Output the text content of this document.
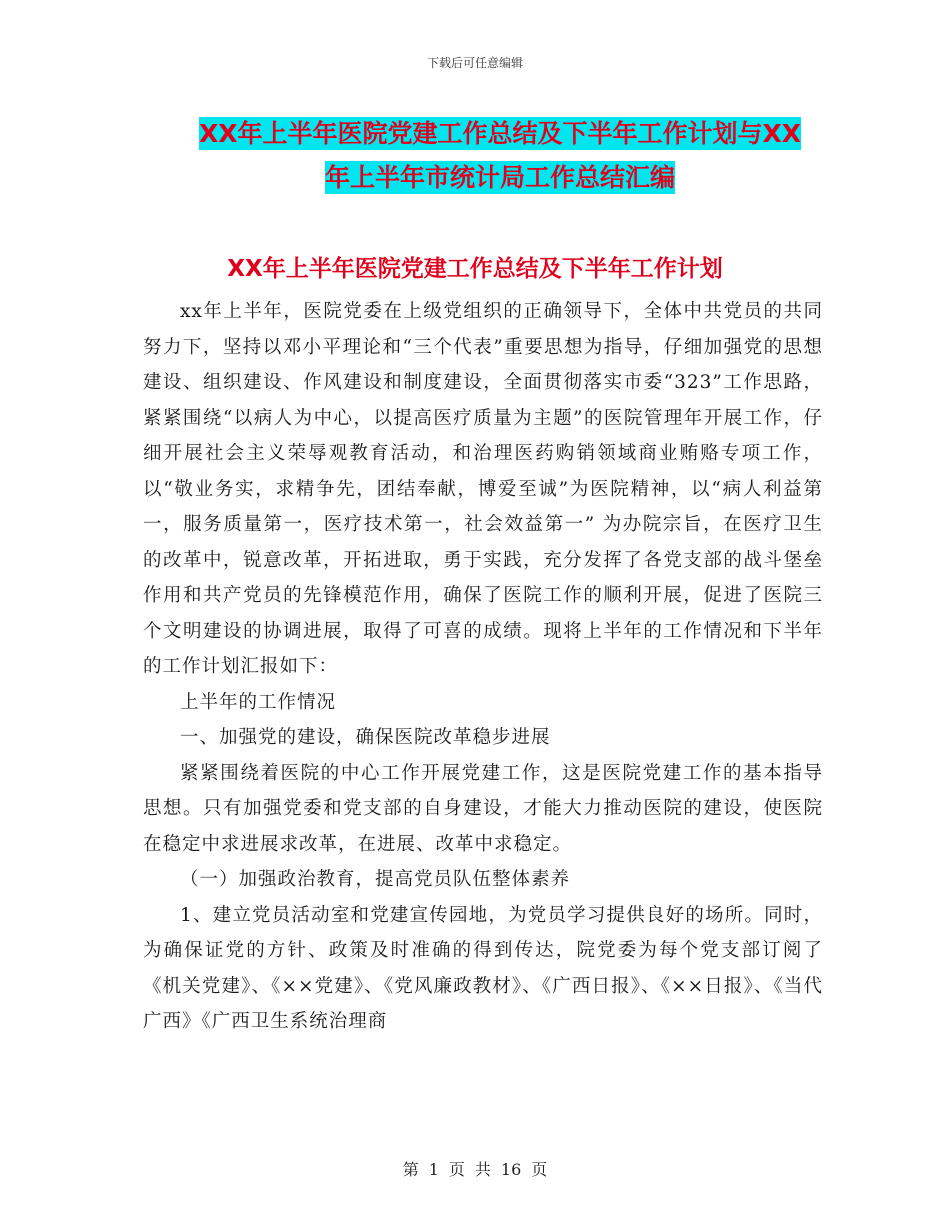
下载后可任意编辑
XX年上半年医院党建工作总结及下半年工作计划与XX
年上半年市统计局工作总结汇编
XX年上半年医院党建工作总结及下半年工作计划

xx年上半年，医院党委在上级党组织的正确领导下，全体中共党员的共同努力下，坚持以邓小平理论和“三个代表”重要思想为指导，仔细加强党的思想建设、组织建设、作风建设和制度建设，全面贯彻落实市委“323”工作思路，紧紧围绕“以病人为中心，以提高医疗质量为主题”的医院管理年开展工作，仔细开展社会主义荣辱观教育活动，和治理医药购销领域商业贿赂专项工作，以“敬业务实，求精争先，团结奉献，博爱至诚”为医院精神，以“病人利益第一，服务质量第一，医疗技术第一，社会效益第一” 为办院宗旨，在医疗卫生的改革中，锐意改革，开拓进取，勇于实践，充分发挥了各党支部的战斗堡垒作用和共产党员的先锋模范作用，确保了医院工作的顺利开展，促进了医院三个文明建设的协调进展，取得了可喜的成绩。现将上半年的工作情况和下半年的工作计划汇报如下：

上半年的工作情况

一、加强党的建设，确保医院改革稳步进展

紧紧围绕着医院的中心工作开展党建工作，这是医院党建工作的基本指导思想。只有加强党委和党支部的自身建设，才能大力推动医院的建设，使医院在稳定中求进展求改革，在进展、改革中求稳定。

（一）加强政治教育，提高党员队伍整体素养

1、建立党员活动室和党建宣传园地，为党员学习提供良好的场所。同时，为确保证党的方针、政策及时准确的得到传达，院党委为每个党支部订阅了《机关党建》、《××党建》、《党风廉政教材》、《广西日报》、《××日报》、《当代广西》《广西卫生系统治理商

第 1 页 共 16 页
